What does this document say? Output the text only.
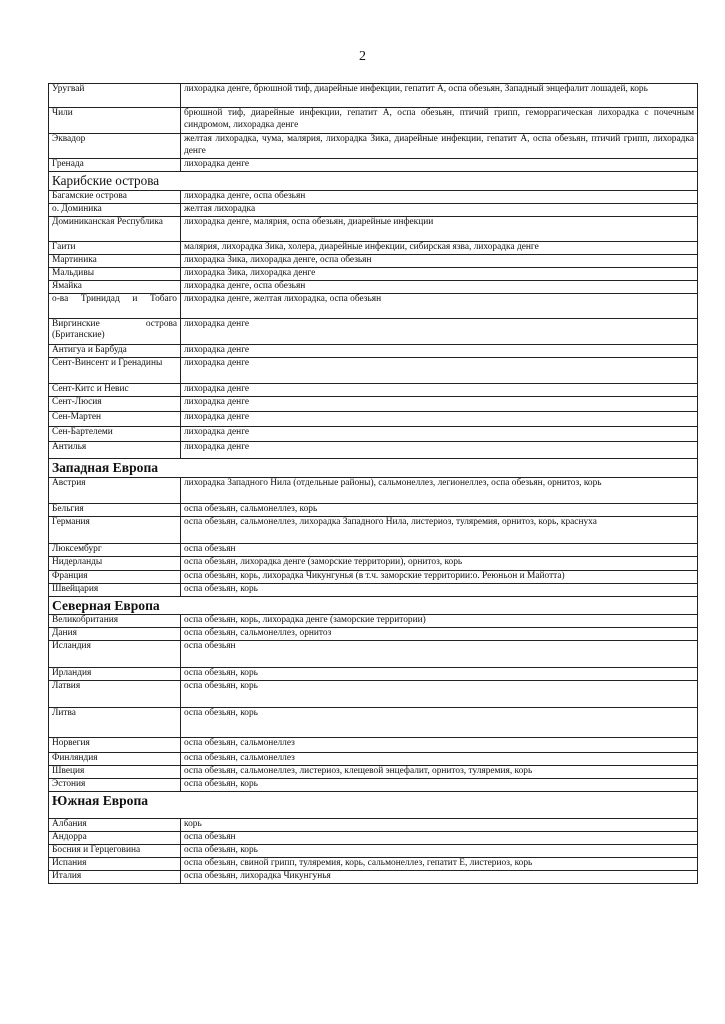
2
Уругвай	лихорадка денге, брюшной тиф, диарейные инфекции, гепатит А, оспа обезьян, Западный энцефалит лошадей, корь
Чили	брюшной тиф, диарейные инфекции, гепатит А, оспа обезьян, птичий грипп, геморрагическая лихорадка с почечным синдромом, лихорадка денге
Эквадор	желтая лихорадка, чума, малярия, лихорадка Зика, диарейные инфекции, гепатит А, оспа обезьян, птичий грипп, лихорадка денге
Гренада	лихорадка денге
Карибские острова	
Багамские острова	лихорадка денге, оспа обезьян
о. Доминика	желтая лихорадка
Доминиканская Республика	лихорадка денге, малярия, оспа обезьян, диарейные инфекции
Гаити	малярия, лихорадка Зика, холера, диарейные инфекции, сибирская язва, лихорадка денге
Мартиника	лихорадка Зика, лихорадка денге, оспа обезьян
Мальдивы	лихорадка Зика, лихорадка денге
Ямайка	лихорадка денге, оспа обезьян
о-ва Тринидад и Тобаго	лихорадка денге, желтая лихорадка, оспа обезьян
Виргинские острова (Британские)	лихорадка денге
Антигуа и Барбуда	лихорадка денге
Сент-Винсент и Гренадины	лихорадка денге
Сент-Китс и Невис	лихорадка денге
Сент-Люсия	лихорадка денге
Сен-Мартен	лихорадка денге
Сен-Бартелеми	лихорадка денге
Антилья	лихорадка денге
Западная Европа	
Австрия	лихорадка Западного Нила (отдельные районы), сальмонеллез, легионеллез, оспа обезьян, орнитоз, корь
Бельгия	оспа обезьян, сальмонеллез, корь
Германия	оспа обезьян, сальмонеллез, лихорадка Западного Нила, листериоз, туляремия, орнитоз, корь, краснуха
Люксембург	оспа обезьян
Нидерланды	оспа обезьян, лихорадка денге (заморские территории), орнитоз, корь
Франция	оспа обезьян, корь, лихорадка Чикунгунья (в т.ч. заморские территории:о. Реюньон и Майотта)
Швейцария	оспа обезьян, корь
Северная Европа	
Великобритания	оспа обезьян, корь, лихорадка денге (заморские территории)
Дания	оспа обезьян, сальмонеллез, орнитоз
Исландия	оспа обезьян
Ирландия	оспа обезьян, корь
Латвия	оспа обезьян, корь
Литва	оспа обезьян, корь
Норвегия	оспа обезьян, сальмонеллез
Финляндия	оспа обезьян, сальмонеллез
Швеция	оспа обезьян, сальмонеллез, листериоз, клещевой энцефалит, орнитоз, туляремия, корь
Эстония	оспа обезьян, корь
Южная Европа	
Албания	корь
Андорра	оспа обезьян
Босния и Герцеговина	оспа обезьян, корь
Испания	оспа обезьян, свиной грипп, туляремия, корь, сальмонеллез, гепатит Е, листериоз, корь
Италия	оспа обезьян, лихорадка Чикунгунья
